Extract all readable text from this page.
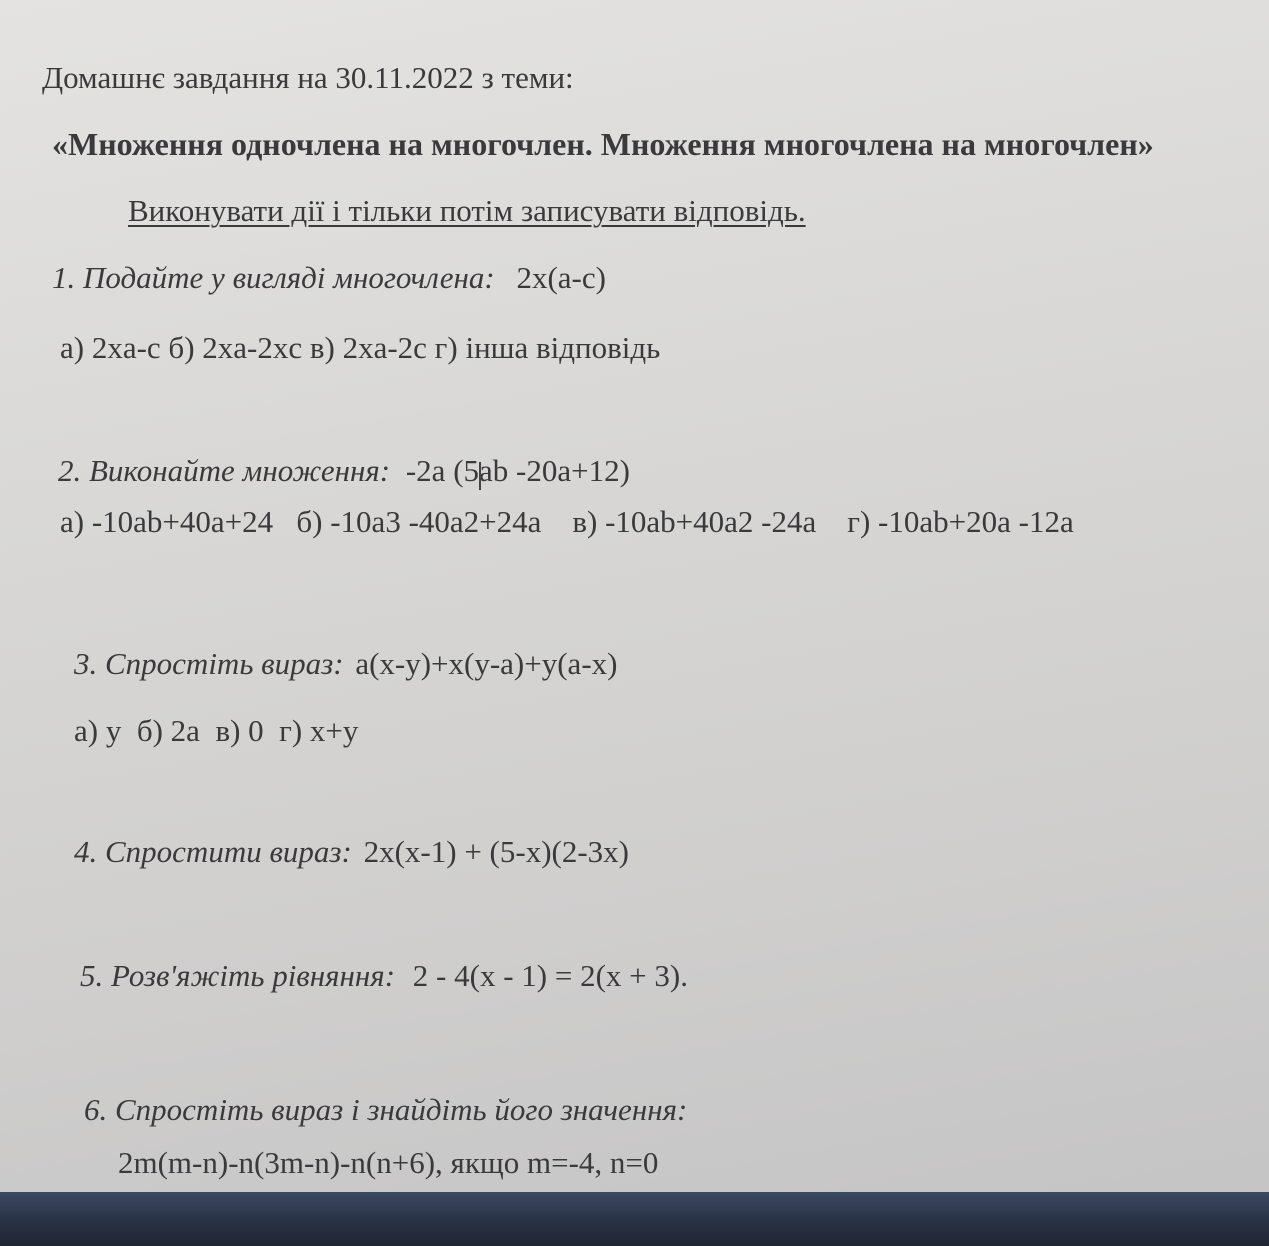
Домашнє завдання на 30.11.2022 з теми:
«Множення одночлена на многочлен. Множення многочлена на многочлен»
Виконувати дії і тільки потім записувати відповідь.
1. Подайте у вигляді многочлена: 2x(a-c)
а) 2xa-c б) 2xa-2xc в) 2xa-2c г) інша відповідь
2. Виконайте множення: -2a (5ab -20a+12)
а) -10ab+40a+24   б) -10a3 -40a2+24a    в) -10ab+40a2 -24a    г) -10ab+20a -12a
3. Спростіть вираз: a(x-y)+x(y-a)+y(a-x)
а) y  б) 2a  в) 0  г) x+y
4. Спростити вираз: 2x(x-1) + (5-x)(2-3x)
5. Розв'яжіть рівняння: 2 - 4(x - 1) = 2(x + 3).
6. Спростіть вираз і знайдіть його значення:
2m(m-n)-n(3m-n)-n(n+6), якщо m=-4, n=0
